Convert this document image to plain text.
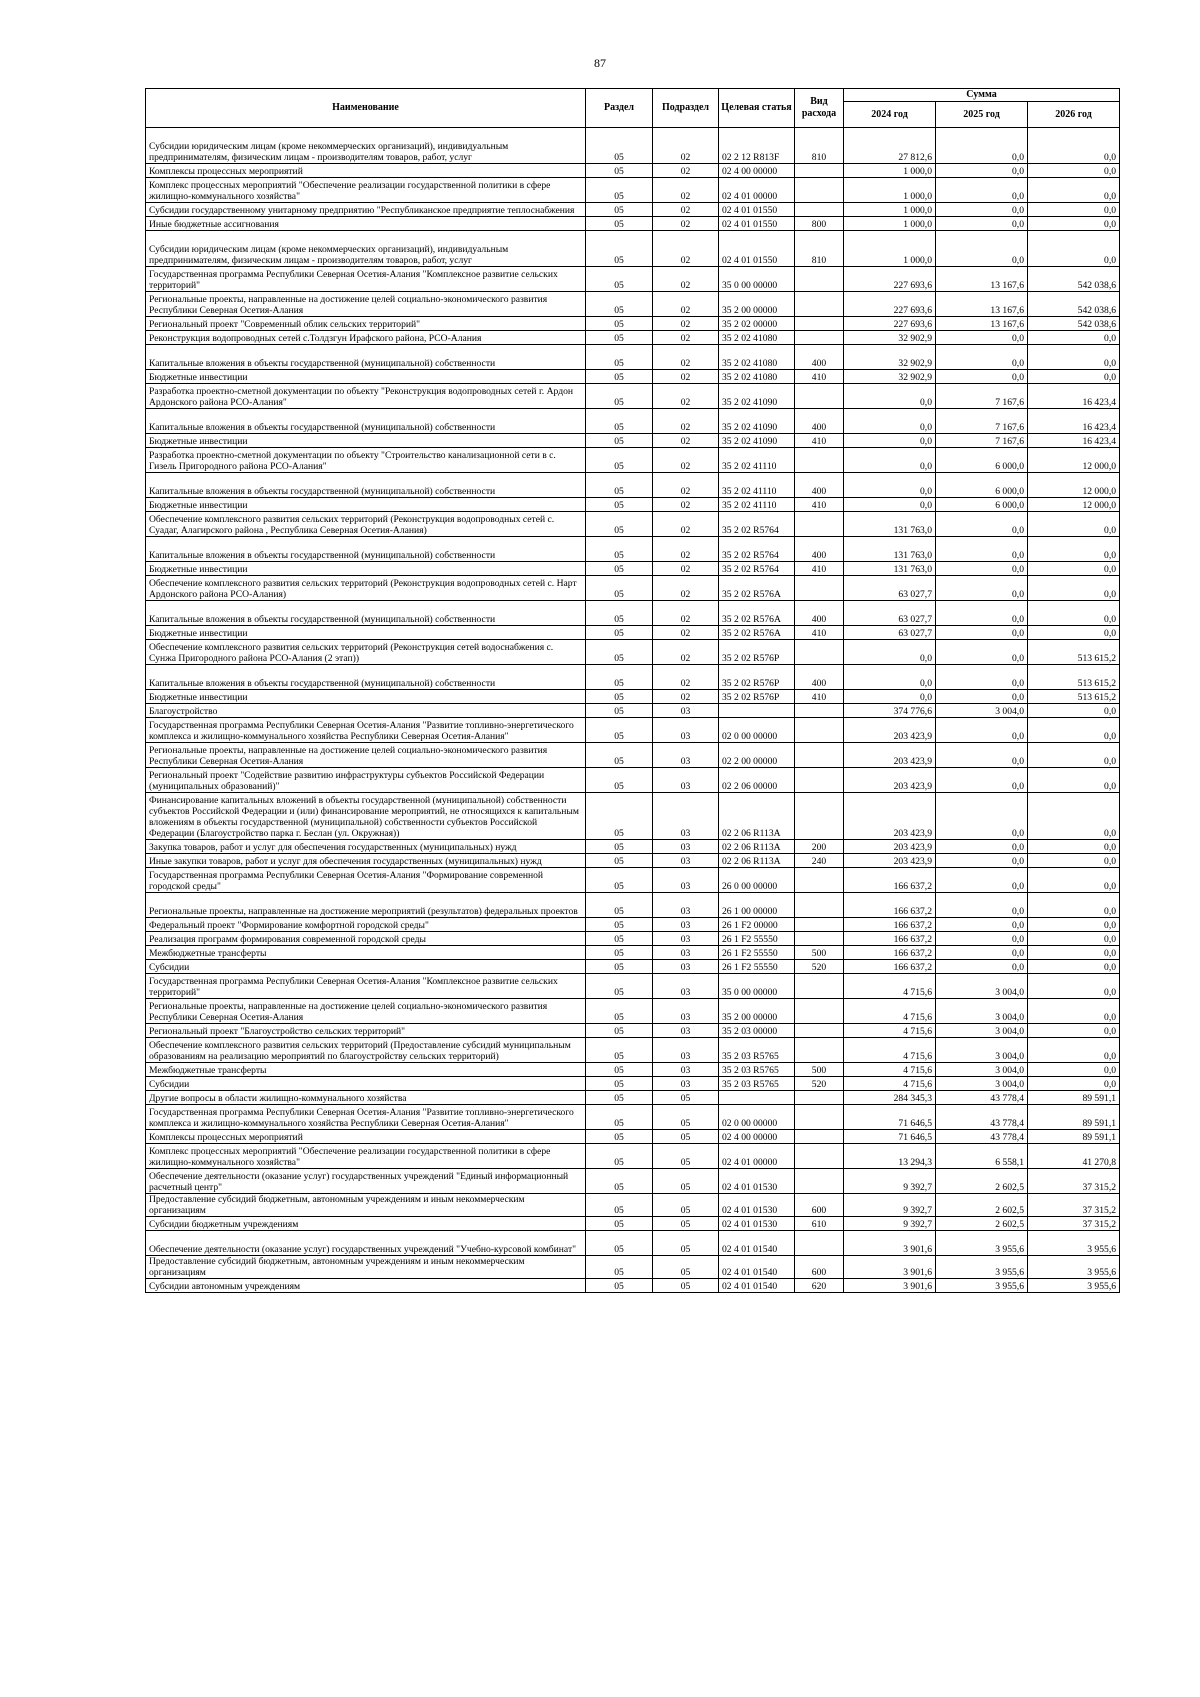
87
Наименование	Раздел	Подраздел	Целевая статья	Вид расхода	Сумма		
					2024 год	2025 год	2026 год
Субсидии юридическим лицам (кроме некоммерческих организаций), индивидуальным предпринимателям, физическим лицам - производителям товаров, работ, услуг	05	02	02 2 12 R813F	810	27 812,6	0,0	0,0
Комплексы процессных мероприятий	05	02	02 4 00 00000		1 000,0	0,0	0,0
Комплекс процессных мероприятий "Обеспечение реализации государственной политики в сфере жилищно-коммунального хозяйства"	05	02	02 4 01 00000		1 000,0	0,0	0,0
Субсидии государственному унитарному предприятию "Республиканское предприятие теплоснабжения	05	02	02 4 01 01550		1 000,0	0,0	0,0
Иные бюджетные ассигнования	05	02	02 4 01 01550	800	1 000,0	0,0	0,0
Субсидии юридическим лицам (кроме некоммерческих организаций), индивидуальным предпринимателям, физическим лицам - производителям товаров, работ, услуг	05	02	02 4 01 01550	810	1 000,0	0,0	0,0
Государственная программа Республики Северная Осетия-Алания "Комплексное развитие сельских территорий"	05	02	35 0 00 00000		227 693,6	13 167,6	542 038,6
Региональные проекты, направленные на достижение целей социально-экономического развития Республики Северная Осетия-Алания	05	02	35 2 00 00000		227 693,6	13 167,6	542 038,6
Региональный проект "Современный облик сельских территорий"	05	02	35 2 02 00000		227 693,6	13 167,6	542 038,6
Реконструкция водопроводных сетей с.Толдзгун Ирафского района, РСО-Алания	05	02	35 2 02 41080		32 902,9	0,0	0,0
Капитальные вложения в объекты государственной (муниципальной) собственности	05	02	35 2 02 41080	400	32 902,9	0,0	0,0
Бюджетные инвестиции	05	02	35 2 02 41080	410	32 902,9	0,0	0,0
Разработка проектно-сметной документации по объекту "Реконструкция водопроводных сетей г. Ардон Ардонского района РСО-Алания"	05	02	35 2 02 41090		0,0	7 167,6	16 423,4
Капитальные вложения в объекты государственной (муниципальной) собственности	05	02	35 2 02 41090	400	0,0	7 167,6	16 423,4
Бюджетные инвестиции	05	02	35 2 02 41090	410	0,0	7 167,6	16 423,4
Разработка проектно-сметной документации по объекту "Строительство канализационной сети в с. Гизель Пригородного района РСО-Алания"	05	02	35 2 02 41110		0,0	6 000,0	12 000,0
Капитальные вложения в объекты государственной (муниципальной) собственности	05	02	35 2 02 41110	400	0,0	6 000,0	12 000,0
Бюджетные инвестиции	05	02	35 2 02 41110	410	0,0	6 000,0	12 000,0
Обеспечение комплексного развития сельских территорий (Реконструкция водопроводных сетей с. Суадаг, Алагирского района , Республика Северная Осетия-Алания)	05	02	35 2 02 R5764		131 763,0	0,0	0,0
Капитальные вложения в объекты государственной (муниципальной) собственности	05	02	35 2 02 R5764	400	131 763,0	0,0	0,0
Бюджетные инвестиции	05	02	35 2 02 R5764	410	131 763,0	0,0	0,0
Обеспечение комплексного развития сельских территорий (Реконструкция водопроводных сетей с. Нарт Ардонского района РСО-Алания)	05	02	35 2 02 R576A		63 027,7	0,0	0,0
Капитальные вложения в объекты государственной (муниципальной) собственности	05	02	35 2 02 R576A	400	63 027,7	0,0	0,0
Бюджетные инвестиции	05	02	35 2 02 R576A	410	63 027,7	0,0	0,0
Обеспечение комплексного развития сельских территорий (Реконструкция сетей водоснабжения с. Сунжа Пригородного района РСО-Алания (2 этап))	05	02	35 2 02 R576P		0,0	0,0	513 615,2
Капитальные вложения в объекты государственной (муниципальной) собственности	05	02	35 2 02 R576P	400	0,0	0,0	513 615,2
Бюджетные инвестиции	05	02	35 2 02 R576P	410	0,0	0,0	513 615,2
Благоустройство	05	03			374 776,6	3 004,0	0,0
Государственная программа Республики Северная Осетия-Алания "Развитие топливно-энергетического комплекса и жилищно-коммунального хозяйства Республики Северная Осетия-Алания"	05	03	02 0 00 00000		203 423,9	0,0	0,0
Региональные проекты, направленные на достижение целей социально-экономического развития Республики Северная Осетия-Алания	05	03	02 2 00 00000		203 423,9	0,0	0,0
Региональный проект "Содействие развитию инфраструктуры субъектов Российской Федерации (муниципальных образований)"	05	03	02 2 06 00000		203 423,9	0,0	0,0
Финансирование капитальных вложений в объекты государственной (муниципальной) собственности субъектов Российской Федерации и (или) финансирование мероприятий, не относящихся к капитальным вложениям в объекты государственной (муниципальной) собственности субъектов Российской Федерации (Благоустройство парка г. Беслан (ул. Окружная))	05	03	02 2 06 R113A		203 423,9	0,0	0,0
Закупка товаров, работ и услуг для обеспечения государственных (муниципальных) нужд	05	03	02 2 06 R113A	200	203 423,9	0,0	0,0
Иные закупки товаров, работ и услуг для обеспечения государственных (муниципальных) нужд	05	03	02 2 06 R113A	240	203 423,9	0,0	0,0
Государственная программа Республики Северная Осетия-Алания "Формирование современной городской среды"	05	03	26 0 00 00000		166 637,2	0,0	0,0
Региональные проекты, направленные на достижение мероприятий (результатов) федеральных проектов	05	03	26 1 00 00000		166 637,2	0,0	0,0
Федеральный проект "Формирование комфортной городской среды"	05	03	26 1 F2 00000		166 637,2	0,0	0,0
Реализация программ формирования современной городской среды	05	03	26 1 F2 55550		166 637,2	0,0	0,0
Межбюджетные трансферты	05	03	26 1 F2 55550	500	166 637,2	0,0	0,0
Субсидии	05	03	26 1 F2 55550	520	166 637,2	0,0	0,0
Государственная программа Республики Северная Осетия-Алания "Комплексное развитие сельских территорий"	05	03	35 0 00 00000		4 715,6	3 004,0	0,0
Региональные проекты, направленные на достижение целей социально-экономического развития Республики Северная Осетия-Алания	05	03	35 2 00 00000		4 715,6	3 004,0	0,0
Региональный проект "Благоустройство сельских территорий"	05	03	35 2 03 00000		4 715,6	3 004,0	0,0
Обеспечение комплексного развития сельских территорий (Предоставление субсидий муниципальным образованиям на реализацию мероприятий по благоустройству сельских территорий)	05	03	35 2 03 R5765		4 715,6	3 004,0	0,0
Межбюджетные трансферты	05	03	35 2 03 R5765	500	4 715,6	3 004,0	0,0
Субсидии	05	03	35 2 03 R5765	520	4 715,6	3 004,0	0,0
Другие вопросы в области жилищно-коммунального хозяйства	05	05			284 345,3	43 778,4	89 591,1
Государственная программа Республики Северная Осетия-Алания "Развитие топливно-энергетического комплекса и жилищно-коммунального хозяйства Республики Северная Осетия-Алания"	05	05	02 0 00 00000		71 646,5	43 778,4	89 591,1
Комплексы процессных мероприятий	05	05	02 4 00 00000		71 646,5	43 778,4	89 591,1
Комплекс процессных мероприятий "Обеспечение реализации государственной политики в сфере жилищно-коммунального хозяйства"	05	05	02 4 01 00000		13 294,3	6 558,1	41 270,8
Обеспечение деятельности (оказание услуг) государственных учреждений "Единый информационный расчетный центр"	05	05	02 4 01 01530		9 392,7	2 602,5	37 315,2
Предоставление субсидий бюджетным, автономным учреждениям и иным некоммерческим организациям	05	05	02 4 01 01530	600	9 392,7	2 602,5	37 315,2
Субсидии бюджетным учреждениям	05	05	02 4 01 01530	610	9 392,7	2 602,5	37 315,2
Обеспечение деятельности (оказание услуг) государственных учреждений "Учебно-курсовой комбинат"	05	05	02 4 01 01540		3 901,6	3 955,6	3 955,6
Предоставление субсидий бюджетным, автономным учреждениям и иным некоммерческим организациям	05	05	02 4 01 01540	600	3 901,6	3 955,6	3 955,6
Субсидии автономным учреждениям	05	05	02 4 01 01540	620	3 901,6	3 955,6	3 955,6
